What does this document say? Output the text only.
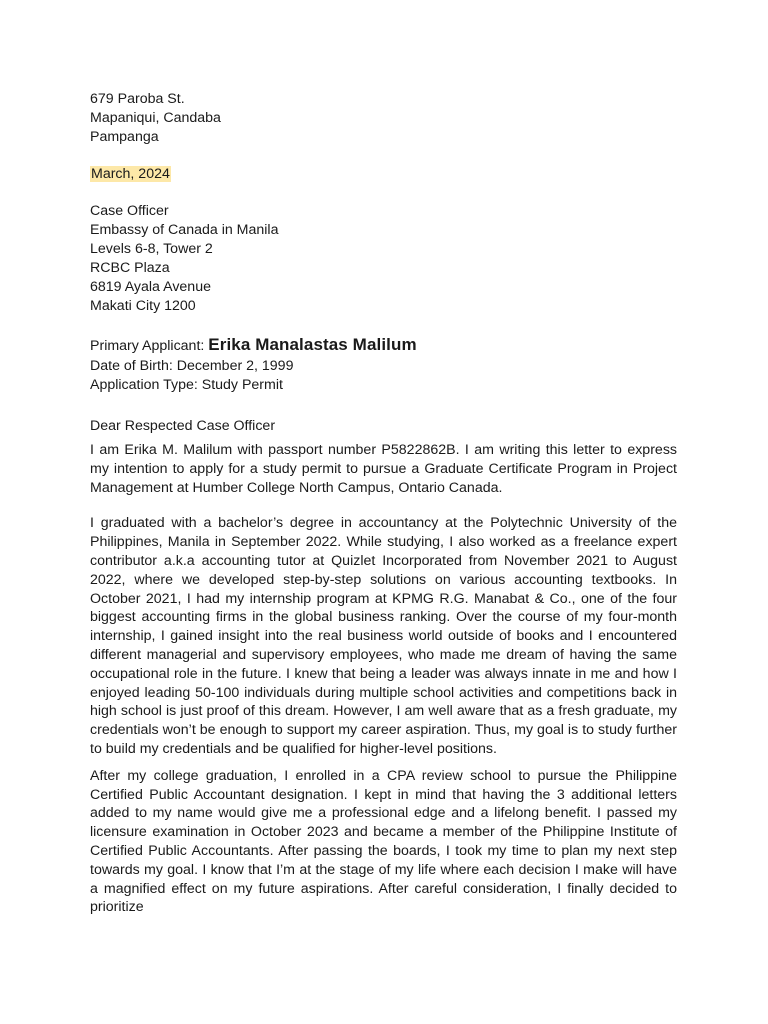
679 Paroba St.

Mapaniqui, Candaba

Pampanga

March, 2024

Case Officer

Embassy of Canada in Manila

Levels 6-8, Tower 2

RCBC Plaza

6819 Ayala Avenue

Makati City 1200

Primary Applicant: Erika Manalastas Malilum

Date of Birth: December 2, 1999

Application Type: Study Permit

Dear Respected Case Officer

I am Erika M. Malilum with passport number P5822862B. I am writing this letter to express my intention to apply for a study permit to pursue a Graduate Certificate Program in Project Management at Humber College North Campus, Ontario Canada.

I graduated with a bachelor’s degree in accountancy at the Polytechnic University of the Philippines, Manila in September 2022. While studying, I also worked as a freelance expert contributor a.k.a accounting tutor at Quizlet Incorporated from November 2021 to August 2022, where we developed step-by-step solutions on various accounting textbooks. In October 2021, I had my internship program at KPMG R.G. Manabat & Co., one of the four biggest accounting firms in the global business ranking. Over the course of my four-month internship, I gained insight into the real business world outside of books and I encountered different managerial and supervisory employees, who made me dream of having the same occupational role in the future. I knew that being a leader was always innate in me and how I enjoyed leading 50-100 individuals during multiple school activities and competitions back in high school is just proof of this dream. However, I am well aware that as a fresh graduate, my credentials won’t be enough to support my career aspiration. Thus, my goal is to study further to build my credentials and be qualified for higher-level positions.

After my college graduation, I enrolled in a CPA review school to pursue the Philippine Certified Public Accountant designation. I kept in mind that having the 3 additional letters added to my name would give me a professional edge and a lifelong benefit. I passed my licensure examination in October 2023 and became a member of the Philippine Institute of Certified Public Accountants. After passing the boards, I took my time to plan my next step towards my goal. I know that I’m at the stage of my life where each decision I make will have a magnified effect on my future aspirations. After careful consideration, I finally decided to prioritize
